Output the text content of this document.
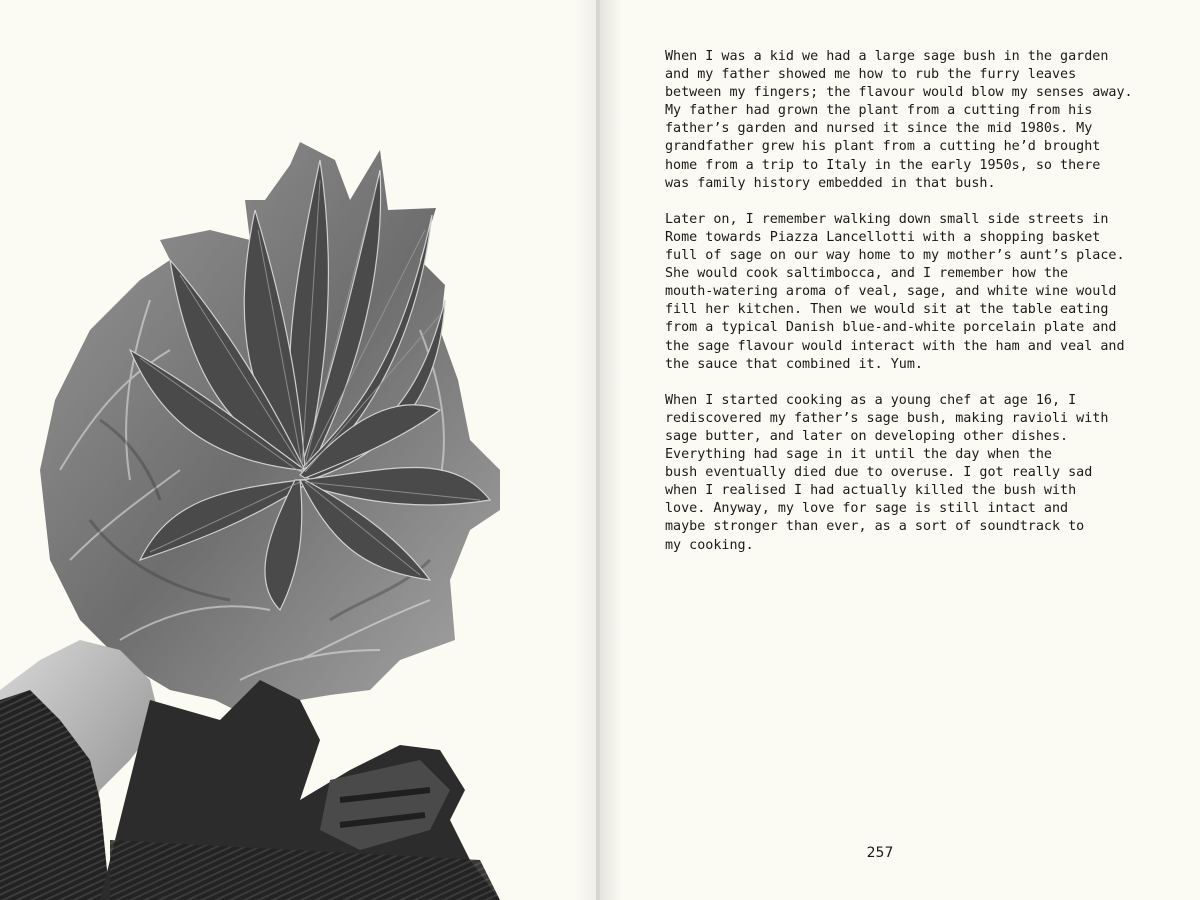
When I was a kid we had a large sage bush in the garden
and my father showed me how to rub the furry leaves
between my fingers; the flavour would blow my senses away.
My father had grown the plant from a cutting from his
father’s garden and nursed it since the mid 1980s. My
grandfather grew his plant from a cutting he’d brought
home from a trip to Italy in the early 1950s, so there
was family history embedded in that bush.

Later on, I remember walking down small side streets in
Rome towards Piazza Lancellotti with a shopping basket
full of sage on our way home to my mother’s aunt’s place.
She would cook saltimbocca, and I remember how the
mouth-watering aroma of veal, sage, and white wine would
fill her kitchen. Then we would sit at the table eating
from a typical Danish blue-and-white porcelain plate and
the sage flavour would interact with the ham and veal and
the sauce that combined it. Yum.

When I started cooking as a young chef at age 16, I
rediscovered my father’s sage bush, making ravioli with
sage butter, and later on developing other dishes.
Everything had sage in it until the day when the
bush eventually died due to overuse. I got really sad
when I realised I had actually killed the bush with
love. Anyway, my love for sage is still intact and
maybe stronger than ever, as a sort of soundtrack to
my cooking.

257
